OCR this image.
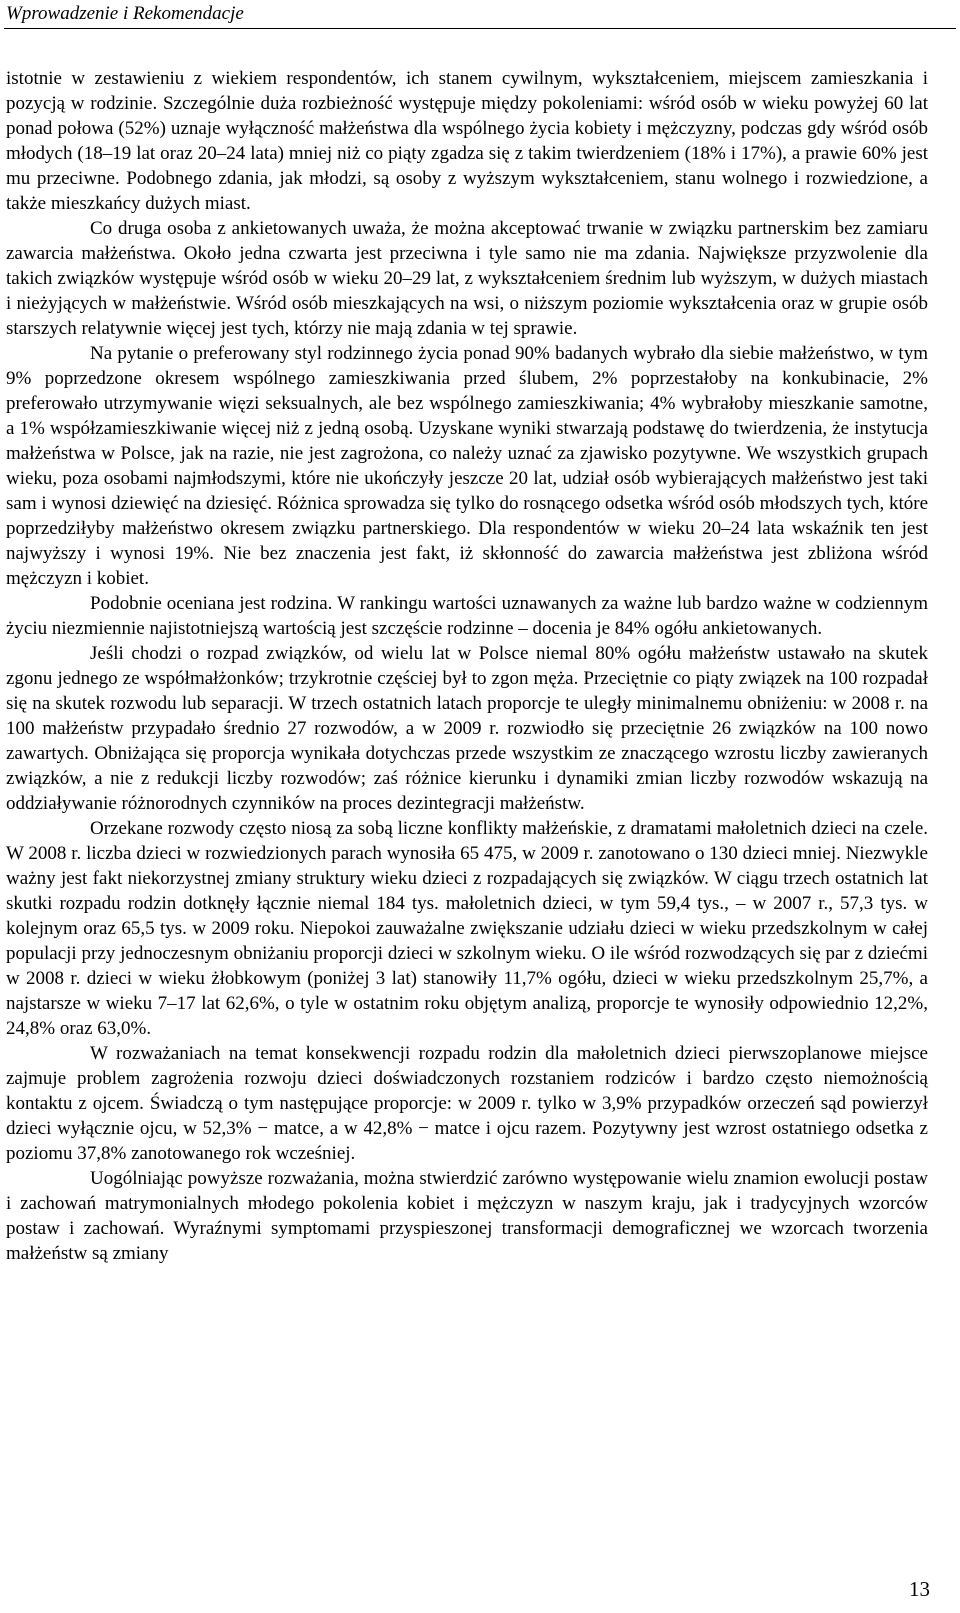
Wprowadzenie i Rekomendacje

istotnie w zestawieniu z wiekiem respondentów, ich stanem cywilnym, wykształceniem, miejscem zamieszkania i pozycją w rodzinie. Szczególnie duża rozbieżność występuje między pokoleniami: wśród osób w wieku powyżej 60 lat ponad połowa (52%) uznaje wyłączność małżeństwa dla wspólnego życia kobiety i mężczyzny, podczas gdy wśród osób młodych (18–19 lat oraz 20–24 lata) mniej niż co piąty zgadza się z takim twierdzeniem (18% i 17%), a prawie 60% jest mu przeciwne. Podobnego zdania, jak młodzi, są osoby z wyższym wykształceniem, stanu wolnego i rozwiedzione, a także mieszkańcy dużych miast.

Co druga osoba z ankietowanych uważa, że można akceptować trwanie w związku partnerskim bez zamiaru zawarcia małżeństwa. Około jedna czwarta jest przeciwna i tyle samo nie ma zdania. Największe przyzwolenie dla takich związków występuje wśród osób w wieku 20–29 lat, z wykształceniem średnim lub wyższym, w dużych miastach i nieżyjących w małżeństwie. Wśród osób mieszkających na wsi, o niższym poziomie wykształcenia oraz w grupie osób starszych relatywnie więcej jest tych, którzy nie mają zdania w tej sprawie.

Na pytanie o preferowany styl rodzinnego życia ponad 90% badanych wybrało dla siebie małżeństwo, w tym 9% poprzedzone okresem wspólnego zamieszkiwania przed ślubem, 2% poprzestałoby na konkubinacie, 2% preferowało utrzymywanie więzi seksualnych, ale bez wspólnego zamieszkiwania; 4% wybrałoby mieszkanie samotne, a 1% współzamieszkiwanie więcej niż z jedną osobą. Uzyskane wyniki stwarzają podstawę do twierdzenia, że instytucja małżeństwa w Polsce, jak na razie, nie jest zagrożona, co należy uznać za zjawisko pozytywne. We wszystkich grupach wieku, poza osobami najmłodszymi, które nie ukończyły jeszcze 20 lat, udział osób wybierających małżeństwo jest taki sam i wynosi dziewięć na dziesięć. Różnica sprowadza się tylko do rosnącego odsetka wśród osób młodszych tych, które poprzedziłyby małżeństwo okresem związku partnerskiego. Dla respondentów w wieku 20–24 lata wskaźnik ten jest najwyższy i wynosi 19%. Nie bez znaczenia jest fakt, iż skłonność do zawarcia małżeństwa jest zbliżona wśród mężczyzn i kobiet.

Podobnie oceniana jest rodzina. W rankingu wartości uznawanych za ważne lub bardzo ważne w codziennym życiu niezmiennie najistotniejszą wartością jest szczęście rodzinne – docenia je 84% ogółu ankietowanych.

Jeśli chodzi o rozpad związków, od wielu lat w Polsce niemal 80% ogółu małżeństw ustawało na skutek zgonu jednego ze współmałżonków; trzykrotnie częściej był to zgon męża. Przeciętnie co piąty związek na 100 rozpadał się na skutek rozwodu lub separacji. W trzech ostatnich latach proporcje te uległy minimalnemu obniżeniu: w 2008 r. na 100 małżeństw przypadało średnio 27 rozwodów, a w 2009 r. rozwiodło się przeciętnie 26 związków na 100 nowo zawartych. Obniżająca się proporcja wynikała dotychczas przede wszystkim ze znaczącego wzrostu liczby zawieranych związków, a nie z redukcji liczby rozwodów; zaś różnice kierunku i dynamiki zmian liczby rozwodów wskazują na oddziaływanie różnorodnych czynników na proces dezintegracji małżeństw.

Orzekane rozwody często niosą za sobą liczne konflikty małżeńskie, z dramatami małoletnich dzieci na czele. W 2008 r. liczba dzieci w rozwiedzionych parach wynosiła 65 475, w 2009 r. zanotowano o 130 dzieci mniej. Niezwykle ważny jest fakt niekorzystnej zmiany struktury wieku dzieci z rozpadających się związków. W ciągu trzech ostatnich lat skutki rozpadu rodzin dotknęły łącznie niemal 184 tys. małoletnich dzieci, w tym 59,4 tys., – w 2007 r., 57,3 tys. w kolejnym oraz 65,5 tys. w 2009 roku. Niepokoi zauważalne zwiększanie udziału dzieci w wieku przedszkolnym w całej populacji przy jednoczesnym obniżaniu proporcji dzieci w szkolnym wieku. O ile wśród rozwodzących się par z dziećmi w 2008 r. dzieci w wieku żłobkowym (poniżej 3 lat) stanowiły 11,7% ogółu, dzieci w wieku przedszkolnym 25,7%, a najstarsze w wieku 7–17 lat 62,6%, o tyle w ostatnim roku objętym analizą, proporcje te wynosiły odpowiednio 12,2%, 24,8% oraz 63,0%.

W rozważaniach na temat konsekwencji rozpadu rodzin dla małoletnich dzieci pierwszoplanowe miejsce zajmuje problem zagrożenia rozwoju dzieci doświadczonych rozstaniem rodziców i bardzo często niemożnością kontaktu z ojcem. Świadczą o tym następujące proporcje: w 2009 r. tylko w 3,9% przypadków orzeczeń sąd powierzył dzieci wyłącznie ojcu, w 52,3% − matce, a w 42,8% − matce i ojcu razem. Pozytywny jest wzrost ostatniego odsetka z poziomu 37,8% zanotowanego rok wcześniej.

Uogólniając powyższe rozważania, można stwierdzić zarówno występowanie wielu znamion ewolucji postaw i zachowań matrymonialnych młodego pokolenia kobiet i mężczyzn w naszym kraju, jak i tradycyjnych wzorców postaw i zachowań. Wyraźnymi symptomami przyspieszonej transformacji demograficznej we wzorcach tworzenia małżeństw są zmiany

13
